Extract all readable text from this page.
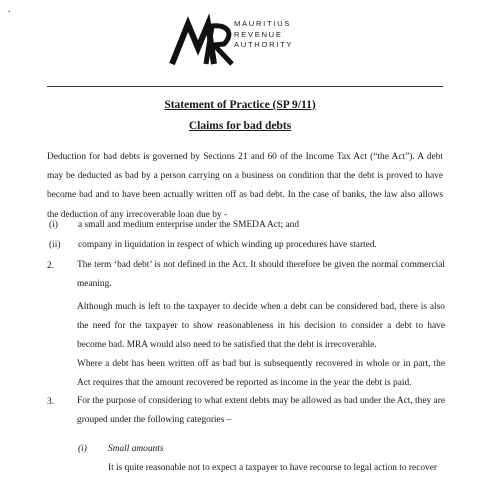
•
MAURITIUS
REVENUE
AUTHORITY
Statement of Practice (SP 9/11)
Claims for bad debts
Deduction for bad debts is governed by Sections 21 and 60 of the Income Tax Act (“the Act”). A debt may be deducted as bad by a person carrying on a business on condition that the debt is proved to have become bad and to have been actually written off as bad debt. In the case of banks, the law also allows the deduction of any irrecoverable loan due by -
(i) a small and medium enterprise under the SMEDA Act; and
(ii) company in liquidation in respect of which winding up procedures have started.
2. The term ‘bad debt’ is not defined in the Act. It should therefore be given the normal commercial meaning.
Although much is left to the taxpayer to decide when a debt can be considered bad, there is also the need for the taxpayer to show reasonableness in his decision to consider a debt to have become bad. MRA would also need to be satisfied that the debt is irrecoverable.
Where a debt has been written off as bad but is subsequently recovered in whole or in part, the Act requires that the amount recovered be reported as income in the year the debt is paid.
3. For the purpose of considering to what extent debts may be allowed as bad under the Act, they are grouped under the following categories –
(i) Small amounts
It is quite reasonable not to expect a taxpayer to have recourse to legal action to recover
